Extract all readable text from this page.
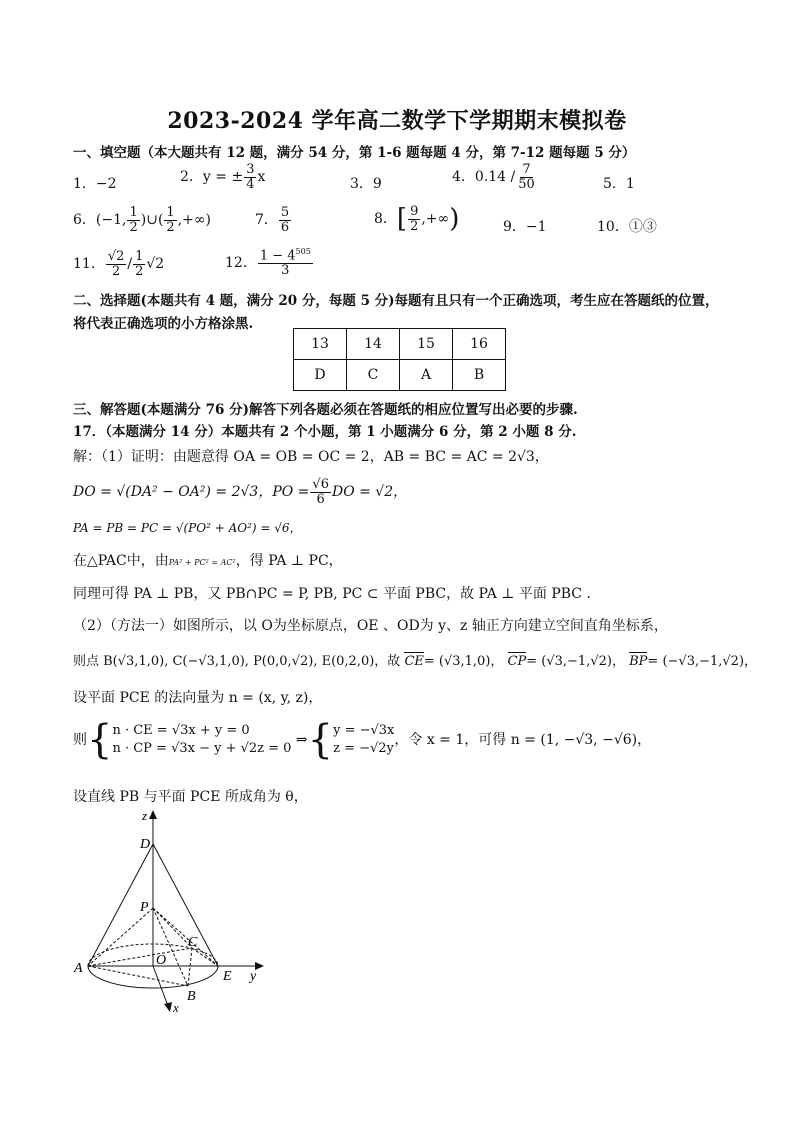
2023-2024 学年高二数学下学期期末模拟卷
一、填空题（本大题共有 12 题，满分 54 分，第 1-6 题每题 4 分，第 7-12 题每题 5 分）
1．−2	2．y = ± $\frac{3}{4}$ x	3．9	4．$0.14 / \frac{7}{50}$	5．1
6．(−1, $\frac{1}{2}$ )∪( $\frac{1}{2}$ ,+∞)	7． $\frac{5}{6}$	8．[ $\frac{9}{2}$ ,+∞)	9．−1	10．①③
11． $\frac{√2}{2} / \frac{1}{2} √2$	12． $\frac{1 - 4^{505}}{3}$
二、选择题(本题共有 4 题，满分 20 分，每题 5 分)每题有且只有一个正确选项，考生应在答题纸的位置，
将代表正确选项的小方格涂黑.
13	14	15	16
D	C	A	B
三、解答题(本题满分 76 分)解答下列各题必须在答题纸的相应位置写出必要的步骤.
17．（本题满分 14 分）本题共有 2 个小题，第 1 小题满分 6 分，第 2 小题 8 分.
解：（1）证明：由题意得 OA = OB = OC = 2，AB = BC = AC = 2√3，
DO = √(DA² − OA²) = 2√3，PO = $\frac{√6}{6}$ DO = √2，
PA = PB = PC = √(PO² + AO²) = √6，
在△PAC中，由PA² + PC² = AC²，得 PA ⊥ PC，
同理可得 PA ⊥ PB，又 PB∩PC = P, PB, PC ⊂ 平面 PBC，故 PA ⊥ 平面 PBC .
（2）（方法一）如图所示，以 O为坐标原点，OE 、OD为 y、z 轴正方向建立空间直角坐标系，
则点 B(√3,1,0), C(−√3,1,0), P(0,0,√2), E(0,2,0)，故 CE= (√3,1,0)， CP= (√3,−1,√2)， BP= (−√3,−1,√2)，
设平面 PCE 的法向量为 n = (x, y, z)，
则{ n · CE = √3x + y = 0
n · CP = √3x − y + √2z = 0
⇒{ y = −√3x
z = −√2y
，令 x = 1，可得 n = (1, −√3, −√6)，
设直线 PB 与平面 PCE 所成角为 θ，
z
D
P
C
O
A
E y
B
x
